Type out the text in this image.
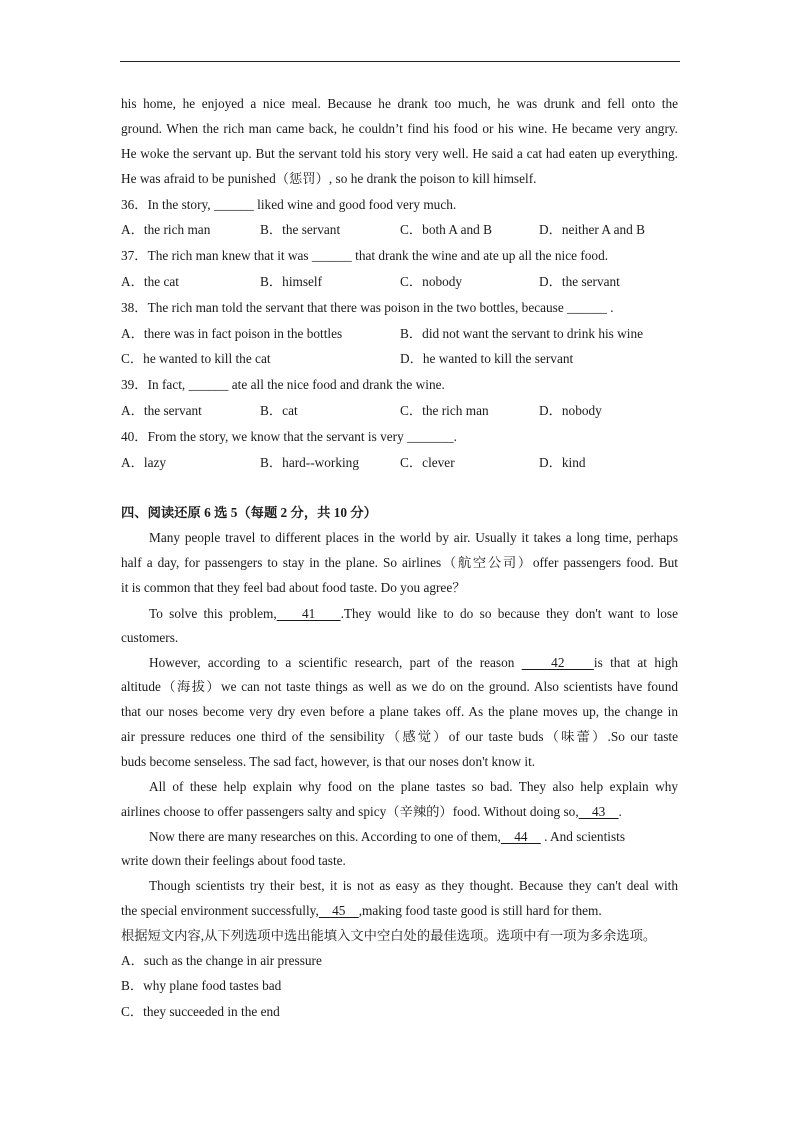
his home, he enjoyed a nice meal. Because he drank too much, he was drunk and fell onto the
ground. When the rich man came back, he couldn’t find his food or his wine. He became very angry.
He woke the servant up. But the servant told his story very well. He said a cat had eaten up everything.
He was afraid to be punished（惩罚）, so he drank the poison to kill himself.
36．In the story, ______ liked wine and good food very much.
A．the rich man	B．the servant	C．both A and B	D．neither A and B
37．The rich man knew that it was ______ that drank the wine and ate up all the nice food.
A．the cat	B．himself	C．nobody	D．the servant
38．The rich man told the servant that there was poison in the two bottles, because ______ .
A．there was in fact poison in the bottles	B．did not want the servant to drink his wine
C．he wanted to kill the cat	D．he wanted to kill the servant
39．In fact, ______ ate all the nice food and drank the wine.
A．the servant	B．cat	C．the rich man	D．nobody
40．From the story, we know that the servant is very _______.
A．lazy	B．hard--working	C．clever	D．kind
四、阅读还原 6 选 5（每题 2 分，共 10 分）
Many people travel to different places in the world by air. Usually it takes a long time, perhaps
half a day, for passengers to stay in the plane. So airlines（航空公司）offer passengers food. But
it is common that they feel bad about food taste. Do you agree？
To solve this problem,    41    .They would like to do so because they don't want to lose
customers.
However, according to a scientific research, part of the reason     42    is that at high
altitude（海拔）we can not taste things as well as we do on the ground. Also scientists have found
that our noses become very dry even before a plane takes off. As the plane moves up, the change in
air pressure reduces one third of the sensibility（感觉）of our taste buds（味蕾）.So our taste
buds become senseless. The sad fact, however, is that our noses don't know it.
All of these help explain why food on the plane tastes so bad. They also help explain why
airlines choose to offer passengers salty and spicy（辛辣的）food. Without doing so,    43    .
Now there are many researches on this. According to one of them,    44     . And scientists
write down their feelings about food taste.
Though scientists try their best, it is not as easy as they thought. Because they can't deal with
the special environment successfully,    45    ,making food taste good is still hard for them.
根据短文内容,从下列选项中选出能填入文中空白处的最佳选项。选项中有一项为多余选项。
A．such as the change in air pressure
B．why plane food tastes bad
C．they succeeded in the end
